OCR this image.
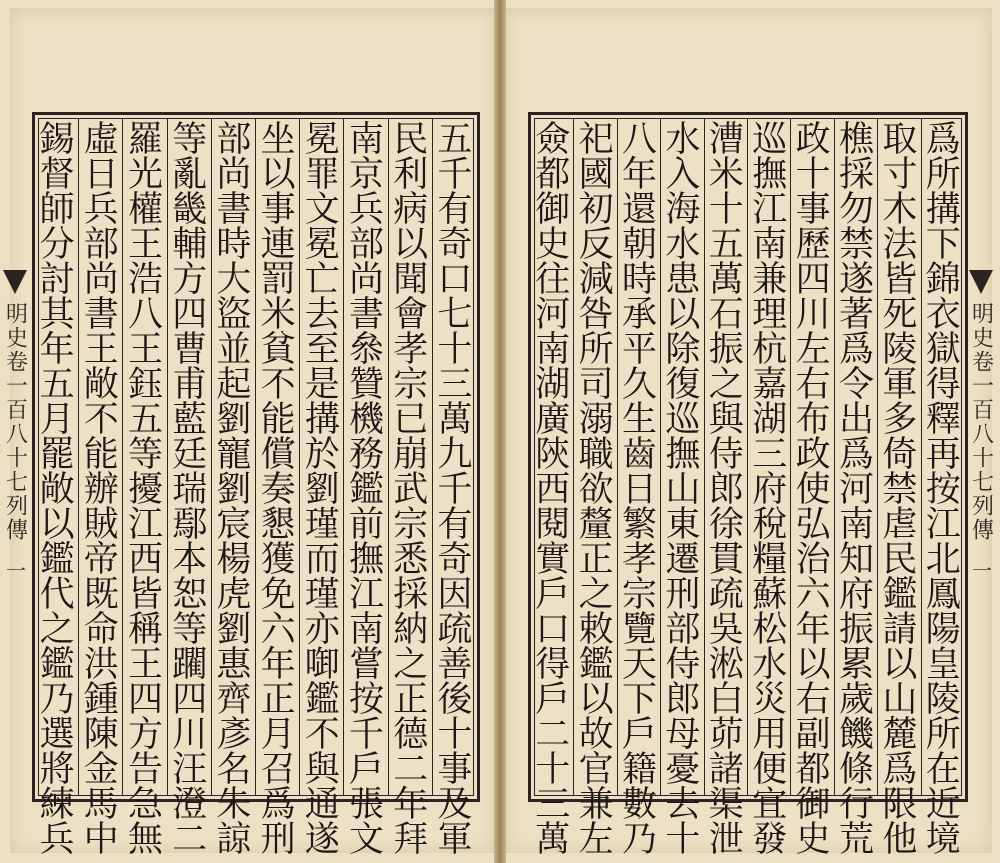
五
千
有
奇
口
七
十
三
萬
九
千
有
奇
因
疏
善
後
十
事
及
軍
民
利
病
以
聞
會
孝
宗
已
崩
武
宗
悉
採
納
之
正
德
二
年
拜
南
京
兵
部
尚
書
叅
贊
機
務
鑑
前
撫
江
南
嘗
按
千
戶
張
文
冕
罪
文
冕
亡
去
至
是
搆
於
劉
瑾
而
瑾
亦
啣
鑑
不
與
通
遂
坐
以
事
連
罰
米
貧
不
能
償
奏
懇
獲
免
六
年
正
月
召
爲
刑
部
尚
書
時
大
盜
並
起
劉
寵
劉
宸
楊
虎
劉
惠
齊
彥
名
朱
諒
等
亂
畿
輔
方
四
曹
甫
藍
廷
瑞
鄢
本
恕
等
躙
四
川
汪
澄
二
羅
光
權
王
浩
八
王
鈺
五
等
擾
江
西
皆
稱
王
四
方
告
急
無
虛
日
兵
部
尚
書
王
敞
不
能
辦
賊
帝
既
命
洪
鍾
陳
金
馬
中
錫
督
師
分
討
其
年
五
月
罷
敞
以
鑑
代
之
鑑
乃
選
將
練
兵
爲
所
搆
下
錦
衣
獄
得
釋
再
按
江
北
鳳
陽
皇
陵
所
在
近
境
取
寸
木
法
皆
死
陵
軍
多
倚
禁
虐
民
鑑
請
以
山
麓
爲
限
他
樵
採
勿
禁
遂
著
爲
令
出
爲
河
南
知
府
振
累
歲
饑
條
行
荒
政
十
事
歷
四
川
左
右
布
政
使
弘
治
六
年
以
右
副
都
御
史
巡
撫
江
南
兼
理
杭
嘉
湖
三
府
稅
糧
蘇
松
水
災
用
便
宜
發
漕
米
十
五
萬
石
振
之
與
侍
郎
徐
貫
疏
吳
淞
白
茆
諸
渠
泄
水
入
海
水
患
以
除
復
巡
撫
山
東
遷
刑
部
侍
郎
母
憂
去
十
八
年
還
朝
時
承
平
久
生
齒
日
繁
孝
宗
覽
天
下
戶
籍
數
乃
祀
國
初
反
減
咎
所
司
溺
職
欲
釐
正
之
敕
鑑
以
故
官
兼
左
僉
都
御
史
往
河
南
湖
廣
陝
西
閱
實
戶
口
得
戶
二
十
三
萬
明史卷一百八十七
列傳
一
明史卷一百八十七
列傳
一
